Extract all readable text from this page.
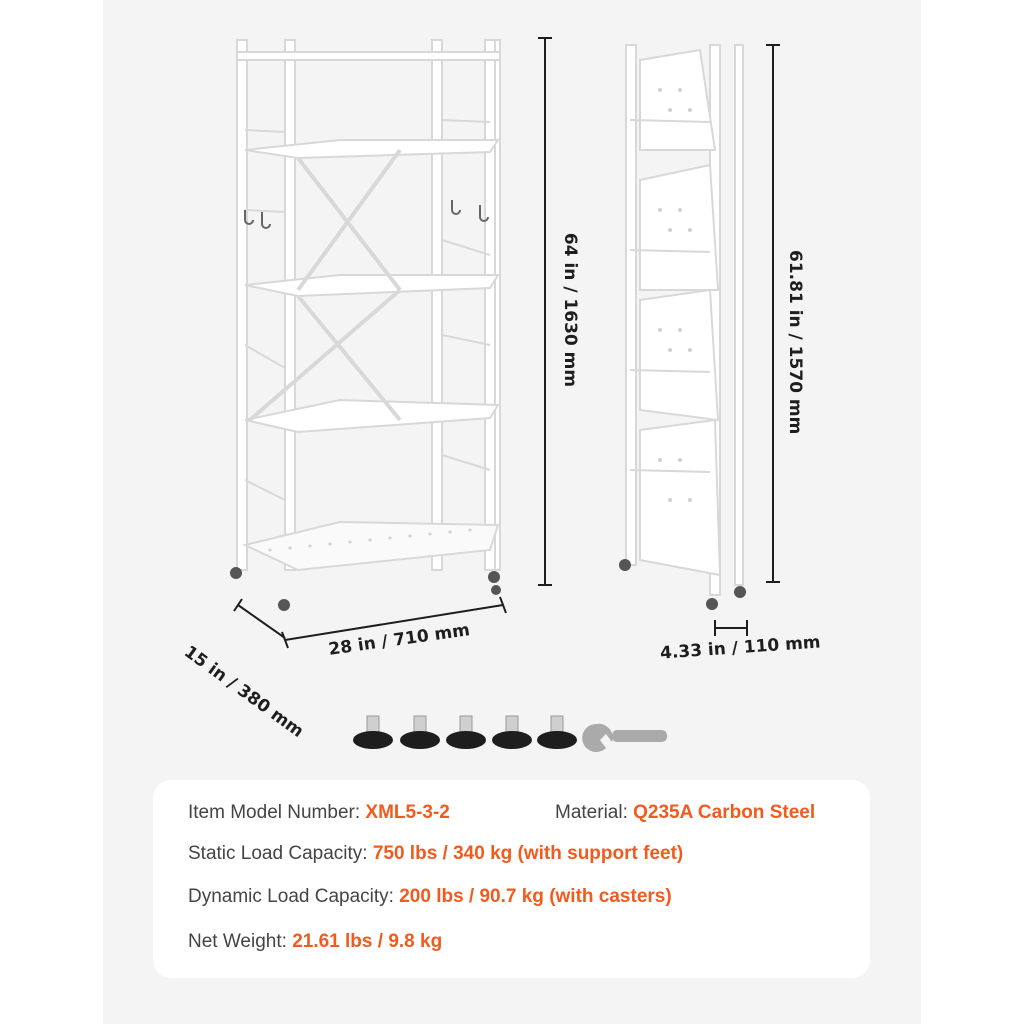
64 in / 1630 mm	61.81 in / 1570 mm
28 in / 710 mm
15 in / 380 mm	4.33 in / 110 mm
Item Model Number: XML5-3-2	Material: Q235A Carbon Steel
Static Load Capacity: 750 lbs / 340 kg (with support feet)
Dynamic Load Capacity: 200 lbs / 90.7 kg (with casters)
Net Weight: 21.61 lbs / 9.8 kg
